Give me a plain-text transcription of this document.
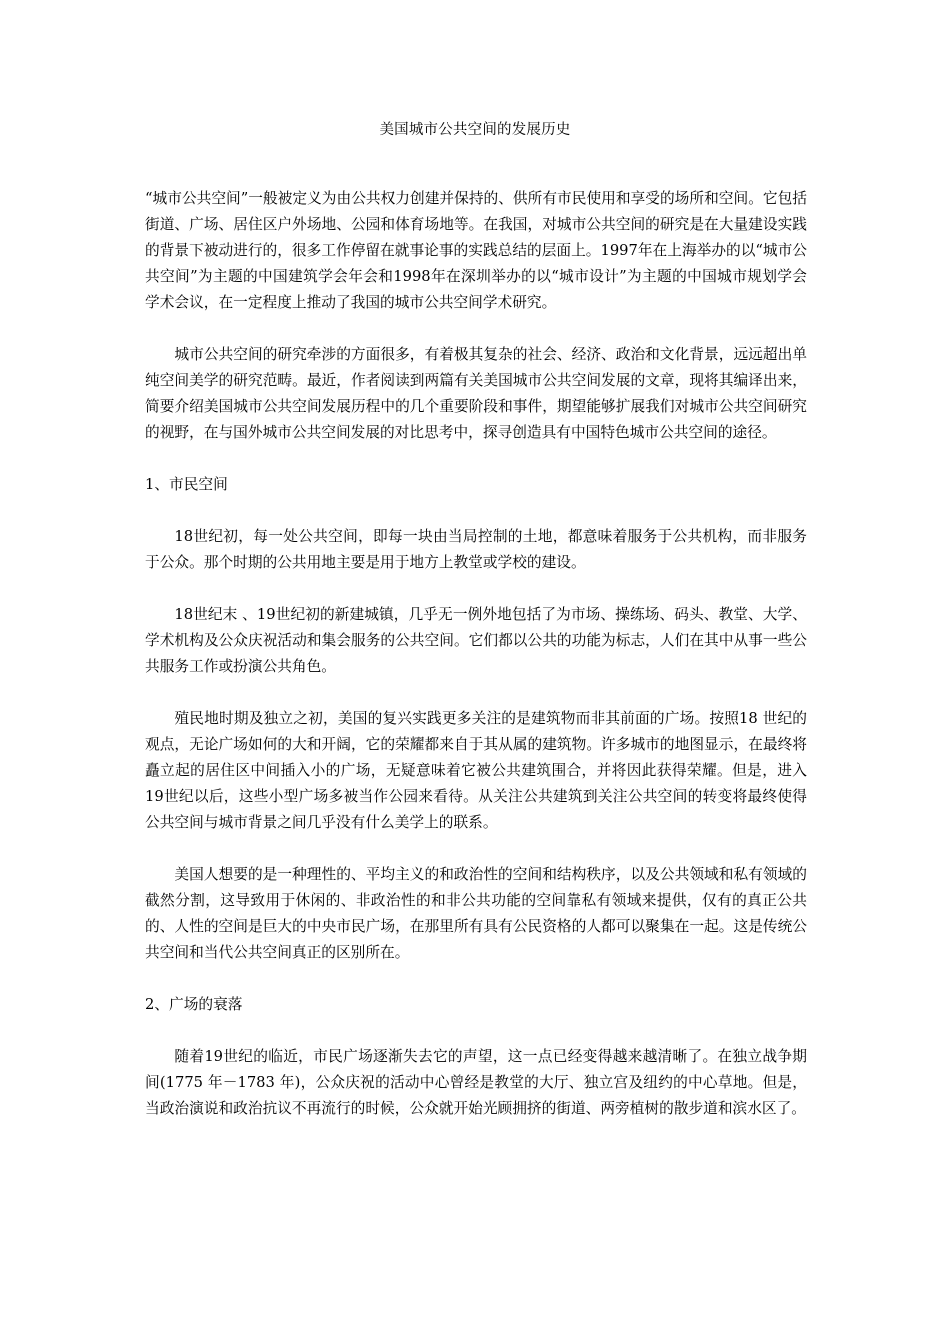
美国城市公共空间的发展历史

“城市公共空间”一般被定义为由公共权力创建并保持的、供所有市民使用和享受的场所和空间。它包括街道、广场、居住区户外场地、公园和体育场地等。在我国，对城市公共空间的研究是在大量建设实践的背景下被动进行的，很多工作停留在就事论事的实践总结的层面上。1997年在上海举办的以“城市公共空间”为主题的中国建筑学会年会和1998年在深圳举办的以“城市设计”为主题的中国城市规划学会学术会议，在一定程度上推动了我国的城市公共空间学术研究。

城市公共空间的研究牵涉的方面很多，有着极其复杂的社会、经济、政治和文化背景，远远超出单纯空间美学的研究范畴。最近，作者阅读到两篇有关美国城市公共空间发展的文章，现将其编译出来，简要介绍美国城市公共空间发展历程中的几个重要阶段和事件，期望能够扩展我们对城市公共空间研究的视野，在与国外城市公共空间发展的对比思考中，探寻创造具有中国特色城市公共空间的途径。

1、市民空间

18世纪初，每一处公共空间，即每一块由当局控制的土地，都意味着服务于公共机构，而非服务于公众。那个时期的公共用地主要是用于地方上教堂或学校的建设。

18世纪末 、19世纪初的新建城镇，几乎无一例外地包括了为市场、操练场、码头、教堂、大学、学术机构及公众庆祝活动和集会服务的公共空间。它们都以公共的功能为标志，人们在其中从事一些公共服务工作或扮演公共角色。

殖民地时期及独立之初，美国的复兴实践更多关注的是建筑物而非其前面的广场。按照18 世纪的观点，无论广场如何的大和开阔，它的荣耀都来自于其从属的建筑物。许多城市的地图显示，在最终将矗立起的居住区中间插入小的广场，无疑意味着它被公共建筑围合，并将因此获得荣耀。但是，进入19世纪以后，这些小型广场多被当作公园来看待。从关注公共建筑到关注公共空间的转变将最终使得公共空间与城市背景之间几乎没有什么美学上的联系。

美国人想要的是一种理性的、平均主义的和政治性的空间和结构秩序，以及公共领域和私有领域的截然分割，这导致用于休闲的、非政治性的和非公共功能的空间靠私有领域来提供，仅有的真正公共的、人性的空间是巨大的中央市民广场，在那里所有具有公民资格的人都可以聚集在一起。这是传统公共空间和当代公共空间真正的区别所在。

2、广场的衰落

随着19世纪的临近，市民广场逐渐失去它的声望，这一点已经变得越来越清晰了。在独立战争期间(1775 年－1783 年)，公众庆祝的活动中心曾经是教堂的大厅、独立宫及纽约的中心草地。但是，当政治演说和政治抗议不再流行的时候，公众就开始光顾拥挤的街道、两旁植树的散步道和滨水区了。
